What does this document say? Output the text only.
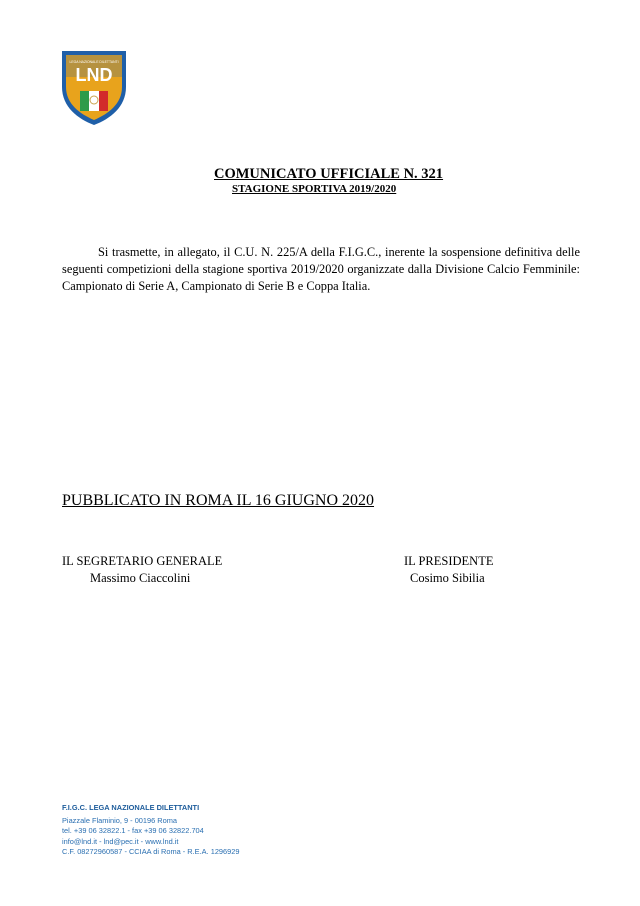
LND
LEGA NAZIONALE DILETTANTI
COMUNICATO UFFICIALE N. 321
STAGIONE SPORTIVA 2019/2020
Si trasmette, in allegato, il C.U. N. 225/A della F.I.G.C., inerente la sospensione definitiva delle seguenti competizioni della stagione sportiva 2019/2020 organizzate dalla Divisione Calcio Femminile: Campionato di Serie A, Campionato di Serie B e Coppa Italia.
PUBBLICATO IN ROMA IL 16 GIUGNO 2020
IL SEGRETARIO GENERALE
Massimo Ciaccolini
IL PRESIDENTE
Cosimo Sibilia
F.I.G.C. LEGA NAZIONALE DILETTANTI
Piazzale Flaminio, 9 - 00196 Roma
tel. +39 06 32822.1 - fax +39 06 32822.704
info@lnd.it - lnd@pec.it - www.lnd.it
C.F. 08272960587 - CCIAA di Roma - R.E.A. 1296929
